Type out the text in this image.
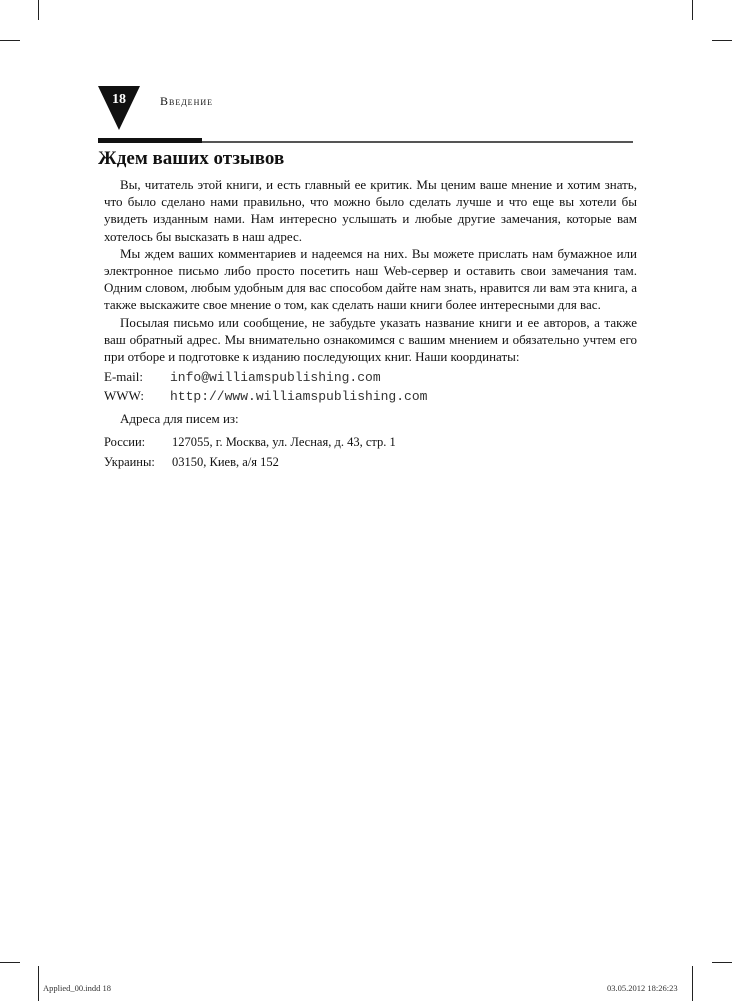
18	Введение
Ждем ваших отзывов

Вы, читатель этой книги, и есть главный ее критик. Мы ценим ваше мнение и хотим знать, что было сделано нами правильно, что можно было сделать лучше и что еще вы хотели бы увидеть изданным нами. Нам интересно услышать и любые другие замечания, которые вам хотелось бы высказать в наш адрес.

Мы ждем ваших комментариев и надеемся на них. Вы можете прислать нам бумажное или электронное письмо либо просто посетить наш Web-сервер и оставить свои замечания там. Одним словом, любым удобным для вас способом дайте нам знать, нравится ли вам эта книга, а также выскажите свое мнение о том, как сделать наши книги более интересными для вас.

Посылая письмо или сообщение, не забудьте указать название книги и ее авторов, а также ваш обратный адрес. Мы внимательно ознакомимся с вашим мнением и обязательно учтем его при отборе и подготовке к изданию последующих книг. Наши координаты:

E-mail:	info@williamspublishing.com
WWW:	http://www.williamspublishing.com
Адреса для писем из:
России:	127055, г. Москва, ул. Лесная, д. 43, стр. 1
Украины:	03150, Киев, а/я 152
Applied_00.indd 18	03.05.2012 18:26:23
